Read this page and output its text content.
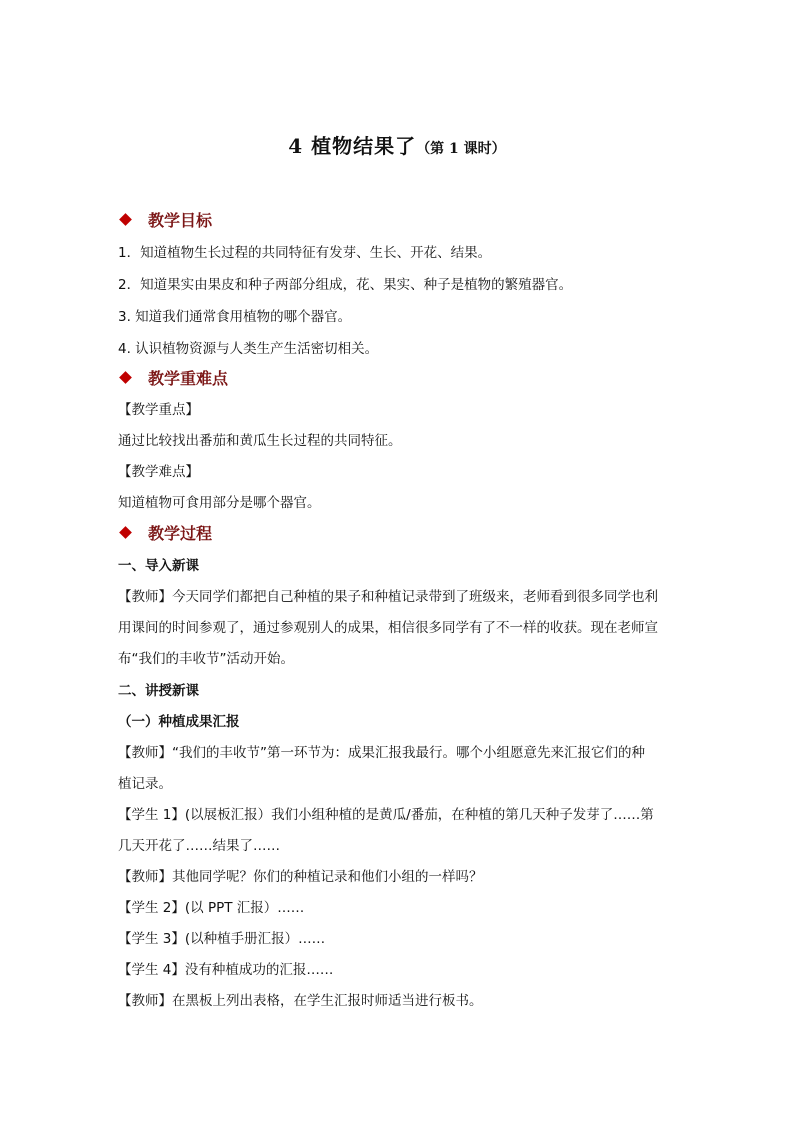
4 植物结果了（第 1 课时）
教学目标
1．知道植物生长过程的共同特征有发芽、生长、开花、结果。
2．知道果实由果皮和种子两部分组成，花、果实、种子是植物的繁殖器官。
3. 知道我们通常食用植物的哪个器官。
4. 认识植物资源与人类生产生活密切相关。
教学重难点
【教学重点】
通过比较找出番茄和黄瓜生长过程的共同特征。
【教学难点】
知道植物可食用部分是哪个器官。
教学过程
一、导入新课
【教师】今天同学们都把自己种植的果子和种植记录带到了班级来，老师看到很多同学也利
用课间的时间参观了，通过参观别人的成果，相信很多同学有了不一样的收获。现在老师宣
布“我们的丰收节”活动开始。
二、讲授新课
（一）种植成果汇报
【教师】“我们的丰收节”第一环节为：成果汇报我最行。哪个小组愿意先来汇报它们的种
植记录。
【学生 1】(以展板汇报）我们小组种植的是黄瓜/番茄，在种植的第几天种子发芽了……第
几天开花了……结果了……
【教师】其他同学呢？你们的种植记录和他们小组的一样吗？
【学生 2】(以 PPT 汇报）……
【学生 3】(以种植手册汇报）……
【学生 4】没有种植成功的汇报……
【教师】在黑板上列出表格，在学生汇报时师适当进行板书。
